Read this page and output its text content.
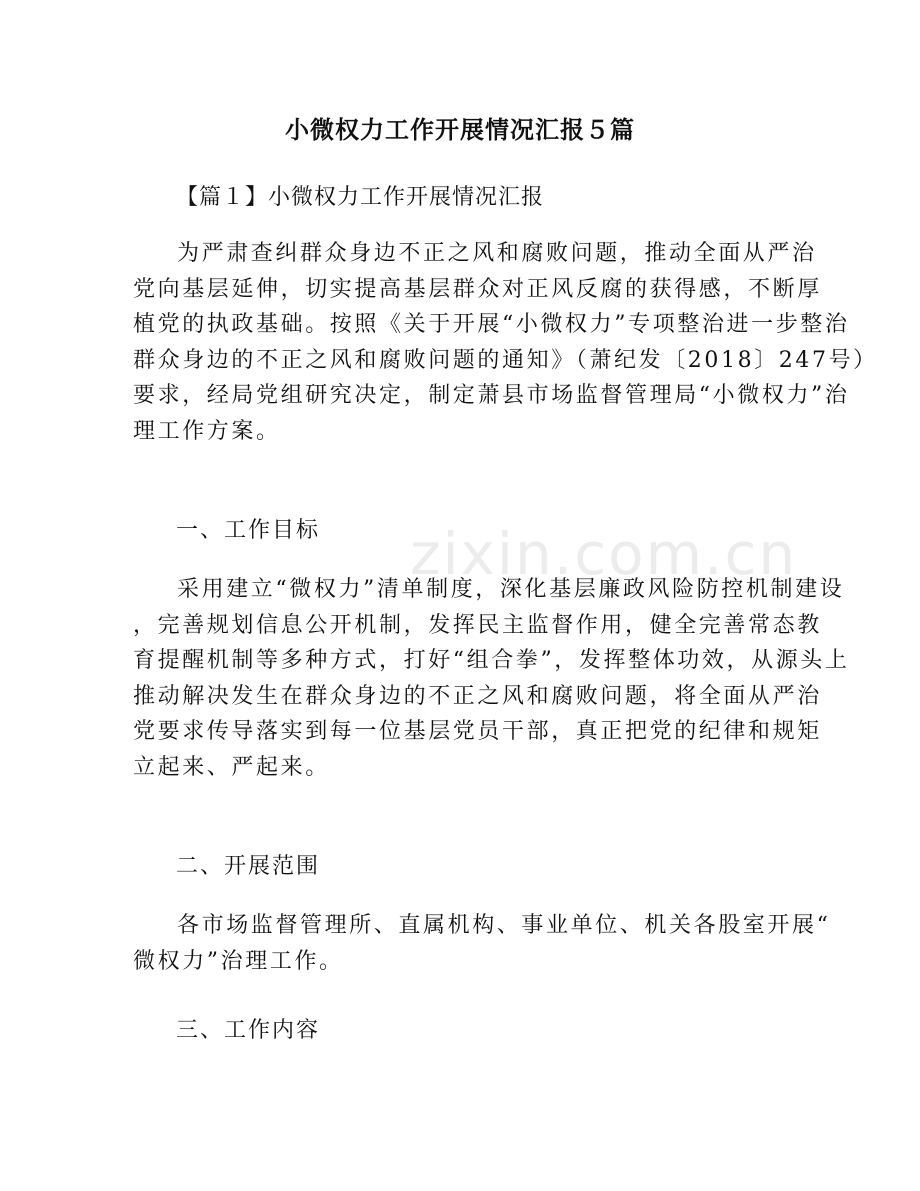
zixin.com.cn
小微权力工作开展情况汇报５篇
【篇１】小微权力工作开展情况汇报
为严肃查纠群众身边不正之风和腐败问题，推动全面从严治
党向基层延伸，切实提高基层群众对正风反腐的获得感，不断厚
植党的执政基础。按照《关于开展“小微权力”专项整治进一步整治
群众身边的不正之风和腐败问题的通知》（萧纪发〔2018〕247号）
要求，经局党组研究决定，制定萧县市场监督管理局“小微权力”治
理工作方案。
一、工作目标
采用建立“微权力”清单制度，深化基层廉政风险防控机制建设
，完善规划信息公开机制，发挥民主监督作用，健全完善常态教
育提醒机制等多种方式，打好“组合拳”，发挥整体功效，从源头上
推动解决发生在群众身边的不正之风和腐败问题，将全面从严治
党要求传导落实到每一位基层党员干部，真正把党的纪律和规矩
立起来、严起来。
二、开展范围
各市场监督管理所、直属机构、事业单位、机关各股室开展“
微权力”治理工作。
三、工作内容
